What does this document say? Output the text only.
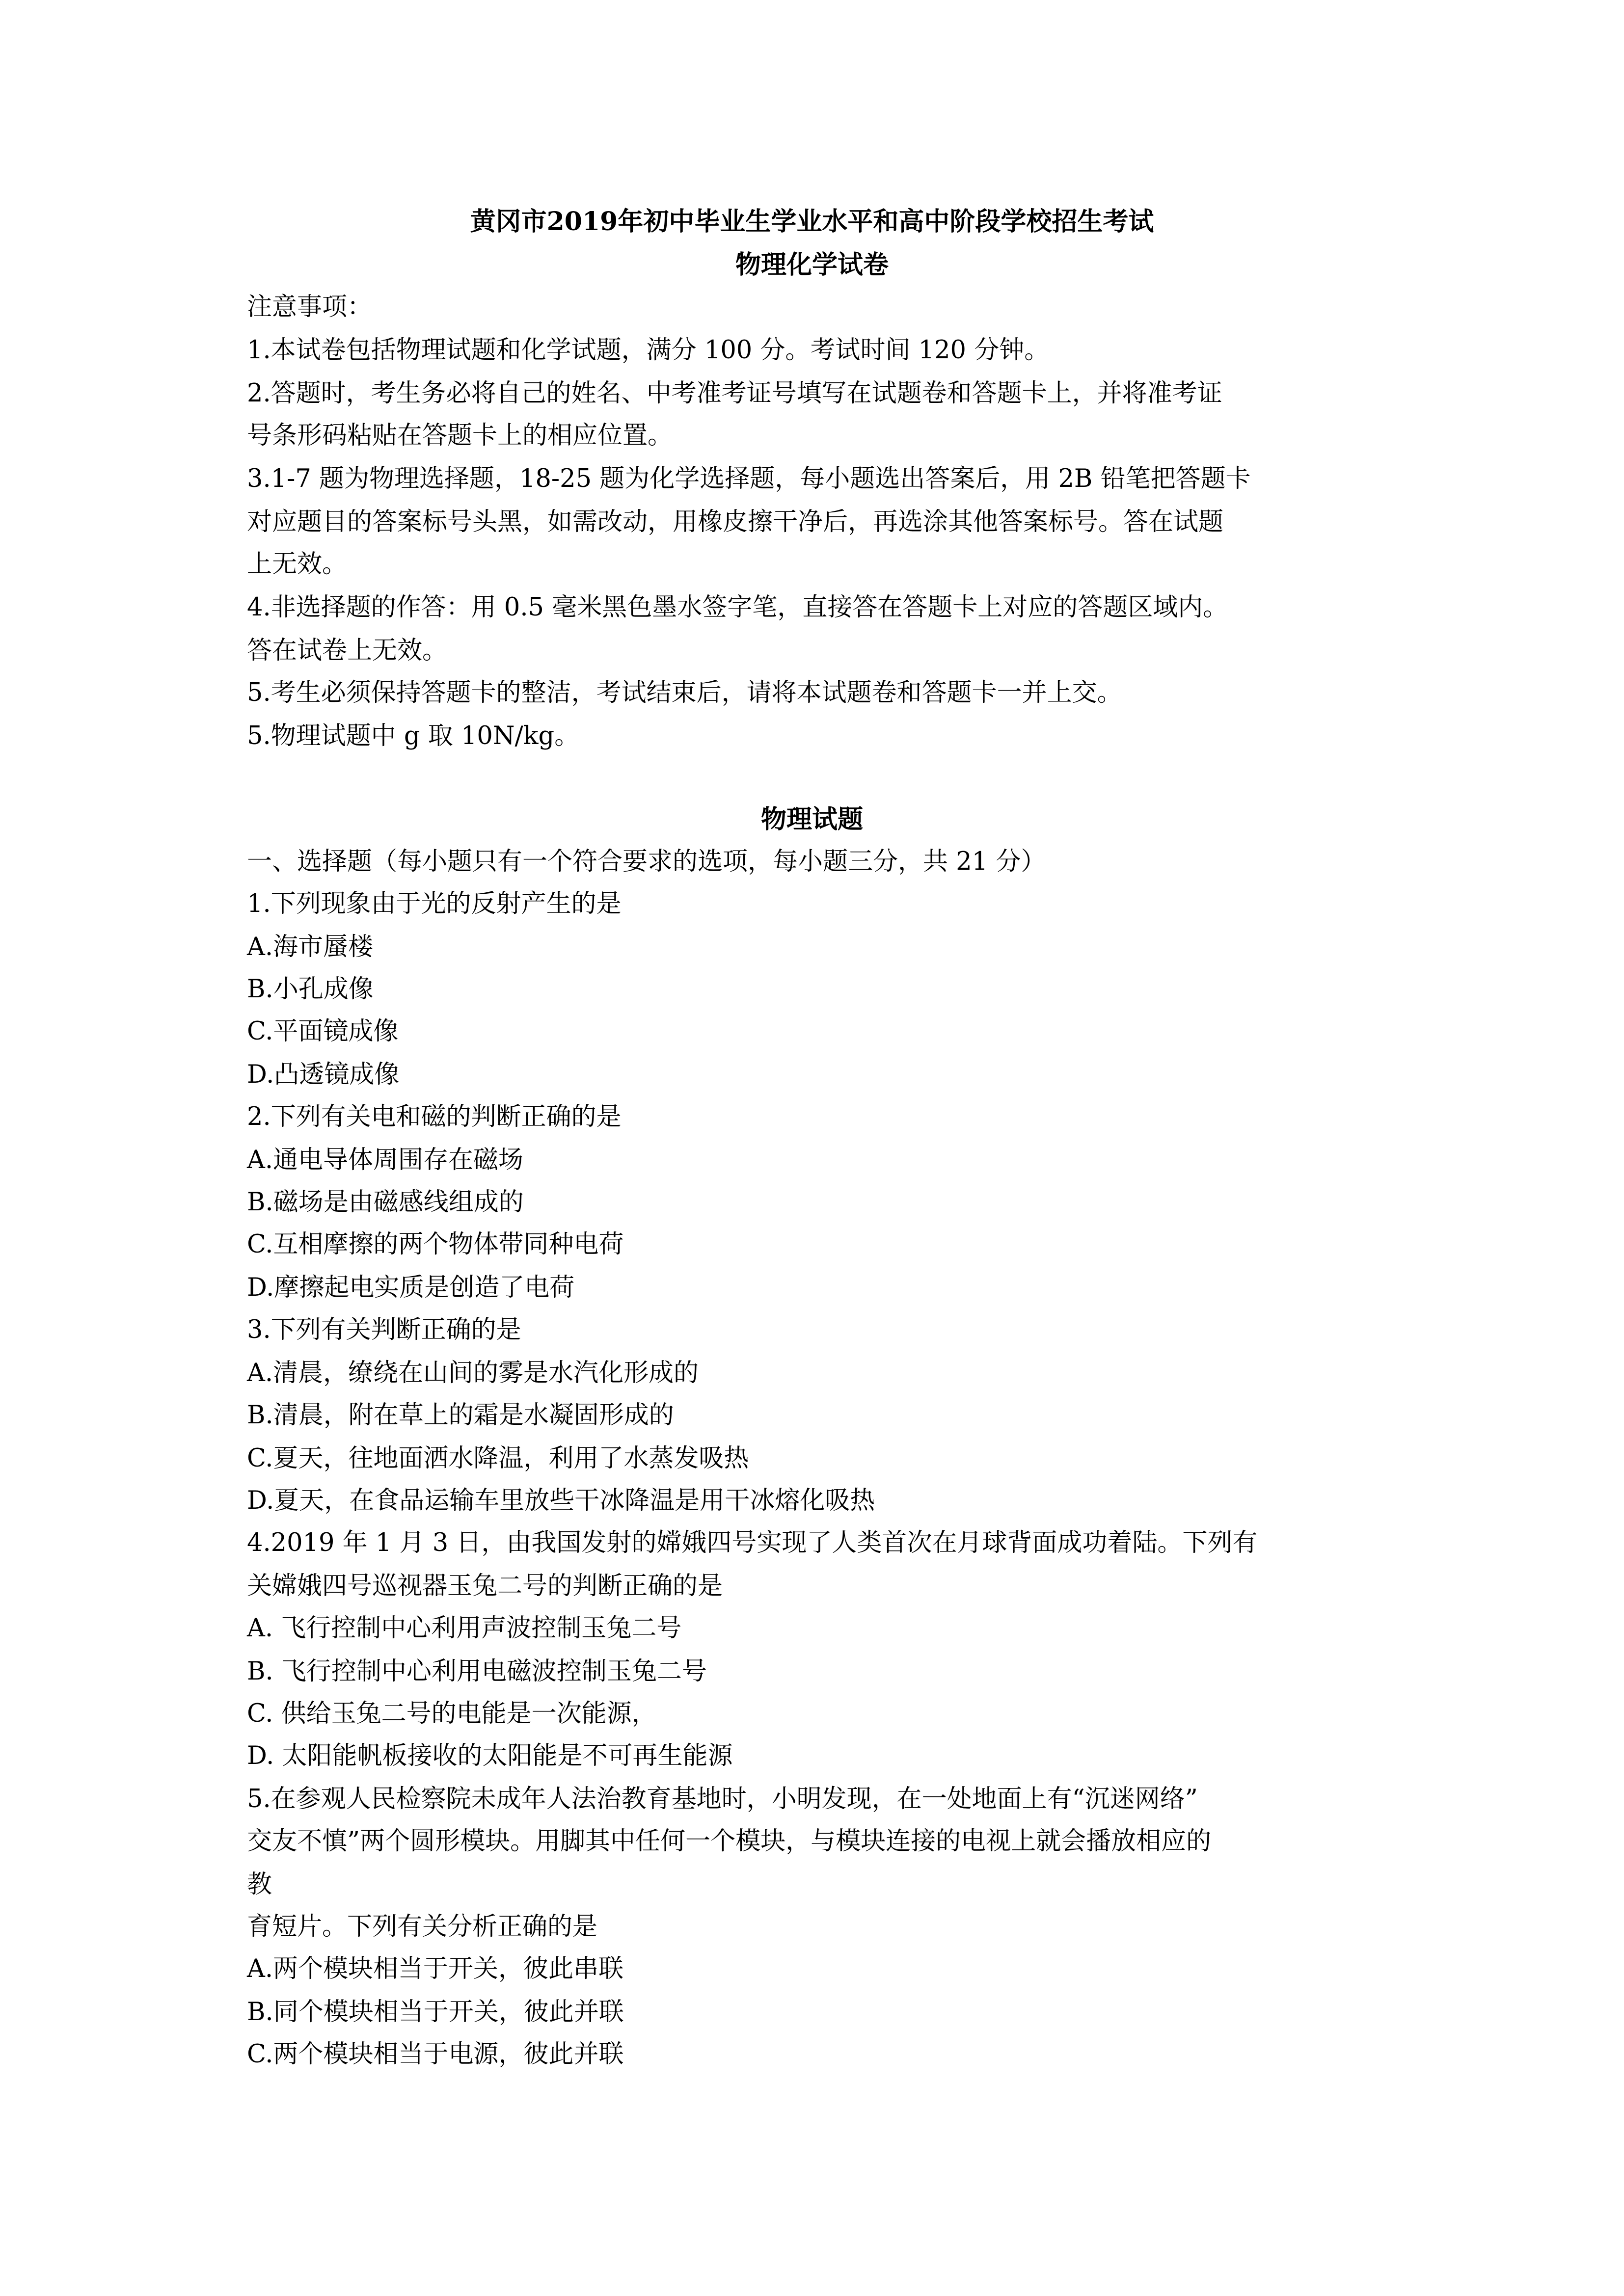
黄冈市2019年初中毕业生学业水平和高中阶段学校招生考试
物理化学试卷
注意事项：
1.本试卷包括物理试题和化学试题，满分 100 分。考试时间 120 分钟。
2.答题时，考生务必将自己的姓名、中考准考证号填写在试题卷和答题卡上，并将准考证
号条形码粘贴在答题卡上的相应位置。
3.1-7 题为物理选择题，18-25 题为化学选择题，每小题选出答案后，用 2B 铅笔把答题卡
对应题目的答案标号头黑，如需改动，用橡皮擦干净后，再选涂其他答案标号。答在试题
上无效。
4.非选择题的作答：用 0.5 毫米黑色墨水签字笔，直接答在答题卡上对应的答题区域内。
答在试卷上无效。
5.考生必须保持答题卡的整洁，考试结束后，请将本试题卷和答题卡一并上交。
5.物理试题中 g 取 10N/kg。
物理试题
一、选择题（每小题只有一个符合要求的选项，每小题三分，共 21 分）
1.下列现象由于光的反射产生的是
A.海市蜃楼
B.小孔成像
C.平面镜成像
D.凸透镜成像
2.下列有关电和磁的判断正确的是
A.通电导体周围存在磁场
B.磁场是由磁感线组成的
C.互相摩擦的两个物体带同种电荷
D.摩擦起电实质是创造了电荷
3.下列有关判断正确的是
A.清晨，缭绕在山间的雾是水汽化形成的
B.清晨，附在草上的霜是水凝固形成的
C.夏天，往地面洒水降温，利用了水蒸发吸热
D.夏天，在食品运输车里放些干冰降温是用干冰熔化吸热
4.2019 年 1 月 3 日，由我国发射的嫦娥四号实现了人类首次在月球背面成功着陆。下列有
关嫦娥四号巡视器玉兔二号的判断正确的是
A. 飞行控制中心利用声波控制玉兔二号
B. 飞行控制中心利用电磁波控制玉兔二号
C. 供给玉兔二号的电能是一次能源，
D. 太阳能帆板接收的太阳能是不可再生能源
5.在参观人民检察院未成年人法治教育基地时，小明发现，在一处地面上有“沉迷网络”
交友不慎”两个圆形模块。用脚其中任何一个模块，与模块连接的电视上就会播放相应的
教
育短片。下列有关分析正确的是
A.两个模块相当于开关，彼此串联
B.同个模块相当于开关，彼此并联
C.两个模块相当于电源，彼此并联
